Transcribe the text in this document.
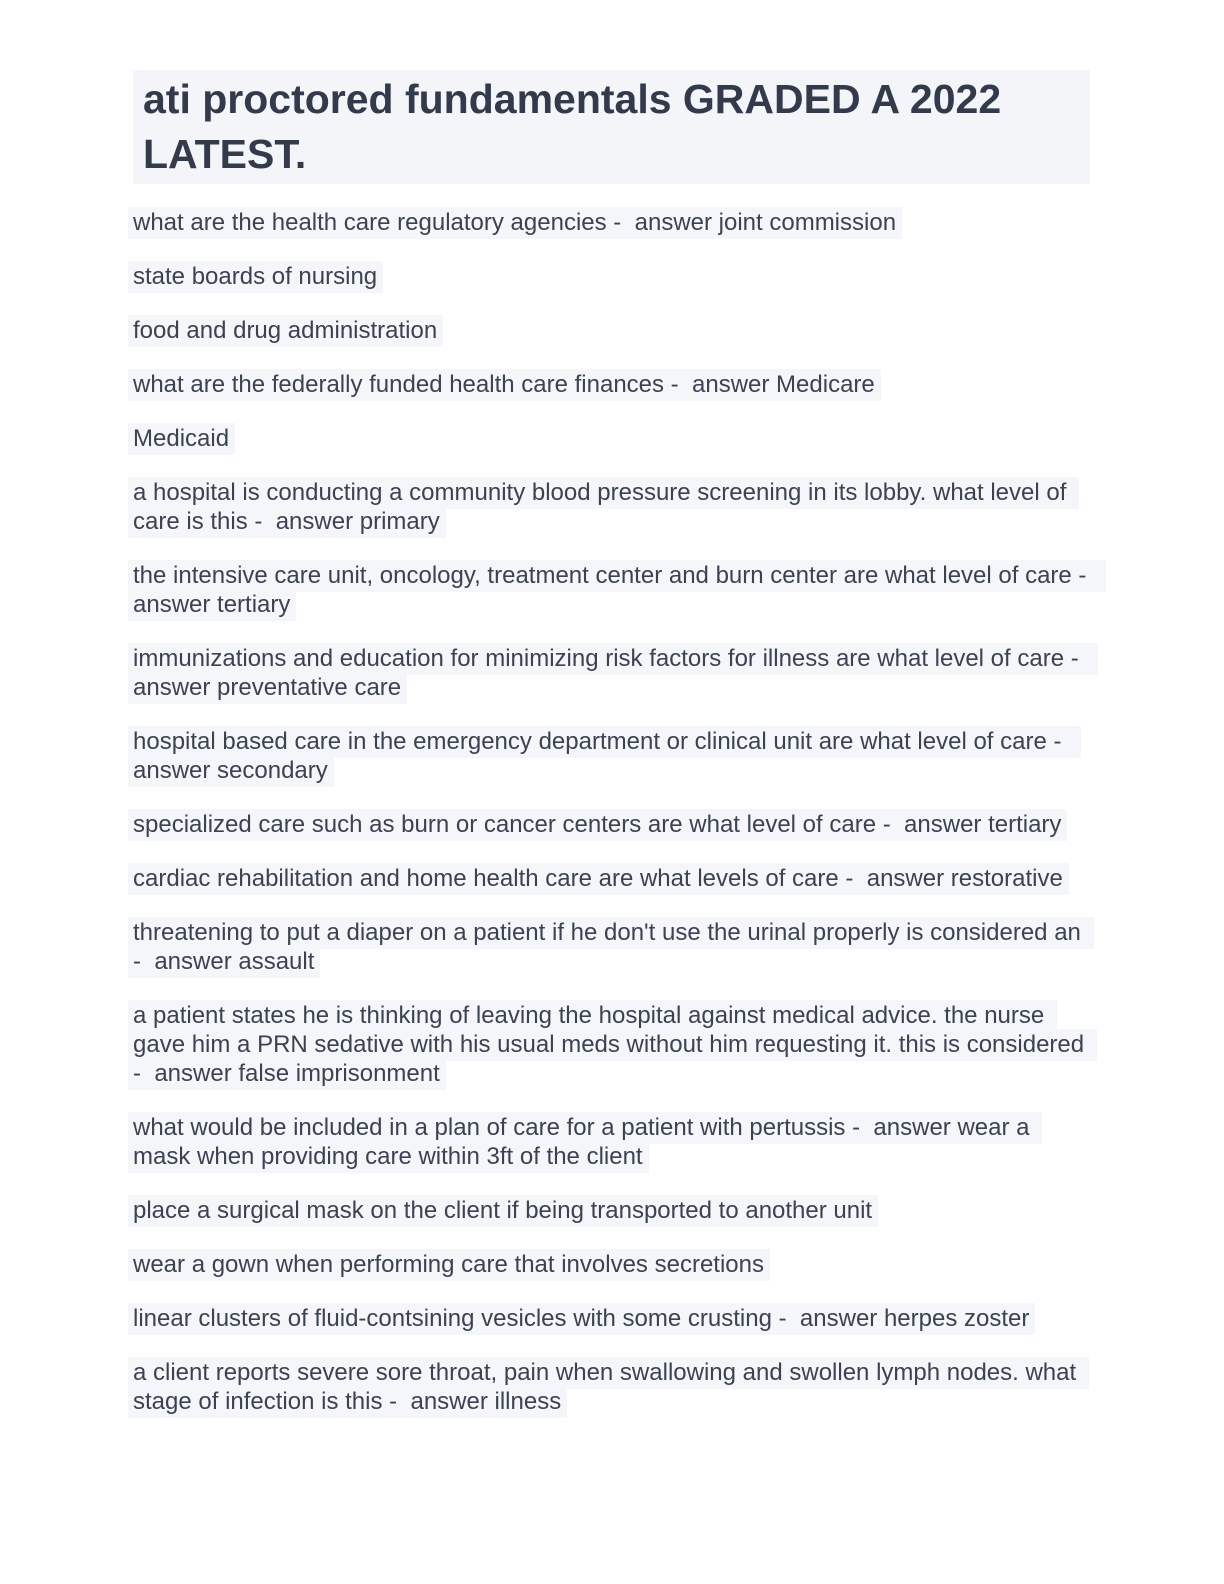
ati proctored fundamentals GRADED A 2022 LATEST.

what are the health care regulatory agencies -  answer joint commission

state boards of nursing

food and drug administration

what are the federally funded health care finances -  answer Medicare

Medicaid

a hospital is conducting a community blood pressure screening in its lobby. what level of care is this -  answer primary

the intensive care unit, oncology, treatment center and burn center are what level of care -  answer tertiary

immunizations and education for minimizing risk factors for illness are what level of care -  answer preventative care

hospital based care in the emergency department or clinical unit are what level of care -  answer secondary

specialized care such as burn or cancer centers are what level of care -  answer tertiary

cardiac rehabilitation and home health care are what levels of care -  answer restorative

threatening to put a diaper on a patient if he don't use the urinal properly is considered an -  answer assault

a patient states he is thinking of leaving the hospital against medical advice. the nurse gave him a PRN sedative with his usual meds without him requesting it. this is considered -  answer false imprisonment

what would be included in a plan of care for a patient with pertussis -  answer wear a mask when providing care within 3ft of the client

place a surgical mask on the client if being transported to another unit

wear a gown when performing care that involves secretions

linear clusters of fluid-contsining vesicles with some crusting -  answer herpes zoster

a client reports severe sore throat, pain when swallowing and swollen lymph nodes. what stage of infection is this -  answer illness
